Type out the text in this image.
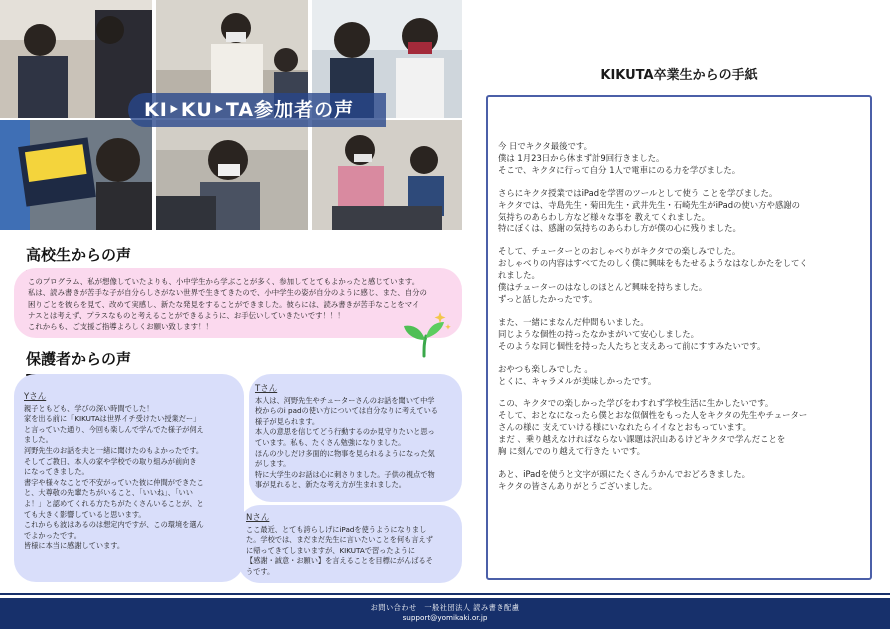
KI‣KU‣TA参加者の声
高校生からの声

このプログラム、私が想像していたよりも、小中学生から学ぶことが多く、参加してとてもよかったと感じています。
私は、読み書きが苦手な子が自分らしさがない世界で生きてきたので、小中学生の姿が自分のように感じ、また、自分の
困りごとを彼らを見て、改めて実感し、新たな発見をすることができました。彼らには、読み書きが苦手なことをマイ
ナスとは考えず、プラスなものと考えることができるように、お手伝いしていきたいです！！！
これからも、ご支援ご指導よろしくお願い致します！！

保護者からの声
Yさん
親子ともども、学びの深い時間でした！
家を出る前に「KIKUTAは世界イチ受けたい授業だー」
と言っていた通り、今回も楽しんで学んでた様子が伺え
ました。
河野先生のお話を夫と一緒に聞けたのもよかったです。
そしてご教日、本人の家や学校での取り組みが前向き
になってきました。
書字や様々なことで不安がっていた彼に仲間ができたこ
と、大尊敬の先輩たちがいること、「いいね」、「いい
よ！」と認めてくれる方たちがたくさんいることが、と
ても大きく影響していると思います。
これからも波はあるのは想定内ですが、この環境を選ん
でよかったです。
皆様に本当に感謝しています。
Tさん
本人は、河野先生やチューターさんのお話を聞いて中学
校からのi padの使い方については自分なりに考えている
様子が見られます。
本人の意思を信じてどう行動するのか見守りたいと思っ
ています。私も、たくさん勉強になりました。
ほんの少しだけ多面的に物事を見られるようになった気
がします。
特に大学生のお話は心に刺さりました。子供の視点で物
事が見れると、新たな考え方が生まれました。
Nさん
ここ最近、とても誇らしげにiPadを使うようになりまし
た。学校では、まだまだ先生に言いたいことを何も言えず
に帰ってきてしまいますが、KIKUTAで習ったように
【感謝・誠意・お願い】を言えることを目標にがんばるそ
うです。
KIKUTA卒業生からの手紙

今 日でキクタ最後です。
僕は 1月23日から休まず計9回行きました。
そこで、キクタに行って自分 1人で電車にのる力を学びました。

さらにキクタ授業ではiPadを学習のツールとして使う ことを学びました。
キクタでは、寺島先生・菊田先生・武井先生・石崎先生がiPadの使い方や感謝の
気持ちのあらわし方など様々な事を 教えてくれました。
特にぼくは、感謝の気持ちのあらわし方が僕の心に残りました。

そして、チューターとのおしゃべりがキクタでの楽しみでした。
おしゃべりの内容はすべてたのしく僕に興味をもたせるようなはなしかたをしてく
れました。
僕はチューターのはなしのほとんど興味を持ちました。
ずっと話したかったです。

また、一緒にまなんだ仲間もいました。
同じような個性の持ったなかまがいて安心しました。
そのような同じ個性を持った人たちと支えあって前にすすみたいです。

おやつも楽しみでした 。
とくに、キャラメルが美味しかったです。

この、キクタでの楽しかった学びをわすれず学校生活に生かしたいです。
そして、おとなになったら僕とおな似個性をもった人をキクタの先生やチューター
さんの様に 支えていける様にいなれたらイイなとおもっています。
まだ 、乗り越えなければならない課題は沢山あるけどキクタで学んだことを
胸 に刻んでのり越えて行きた いです。

あと、iPadを使うと文字が頭にたくさんうかんでおどろきました。
キクタの皆さんありがとうございました。

お問い合わせ　一般社団法人 読み書き配慮
support@yomikaki.or.jp
